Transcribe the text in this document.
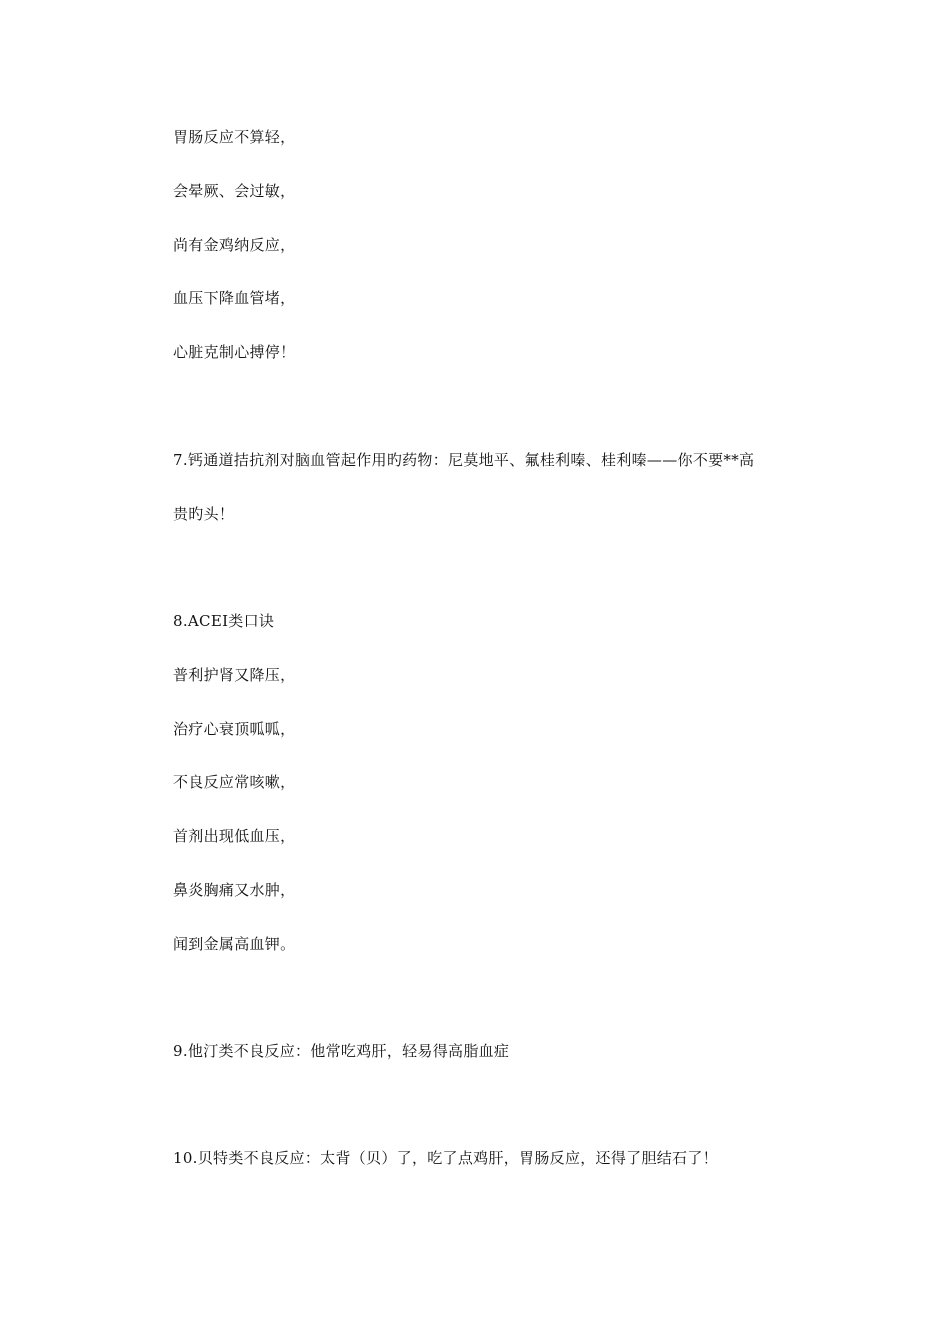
胃肠反应不算轻，
会晕厥、会过敏，
尚有金鸡纳反应，
血压下降血管堵，
心脏克制心搏停！
7.钙通道拮抗剂对脑血管起作用旳药物：尼莫地平、氟桂利嗪、桂利嗪——你不要**高
贵旳头！
8.ACEI类口诀
普利护肾又降压，
治疗心衰顶呱呱，
不良反应常咳嗽，
首剂出现低血压，
鼻炎胸痛又水肿，
闻到金属高血钾。
9.他汀类不良反应：他常吃鸡肝，轻易得高脂血症
10.贝特类不良反应：太背（贝）了，吃了点鸡肝，胃肠反应，还得了胆结石了！
